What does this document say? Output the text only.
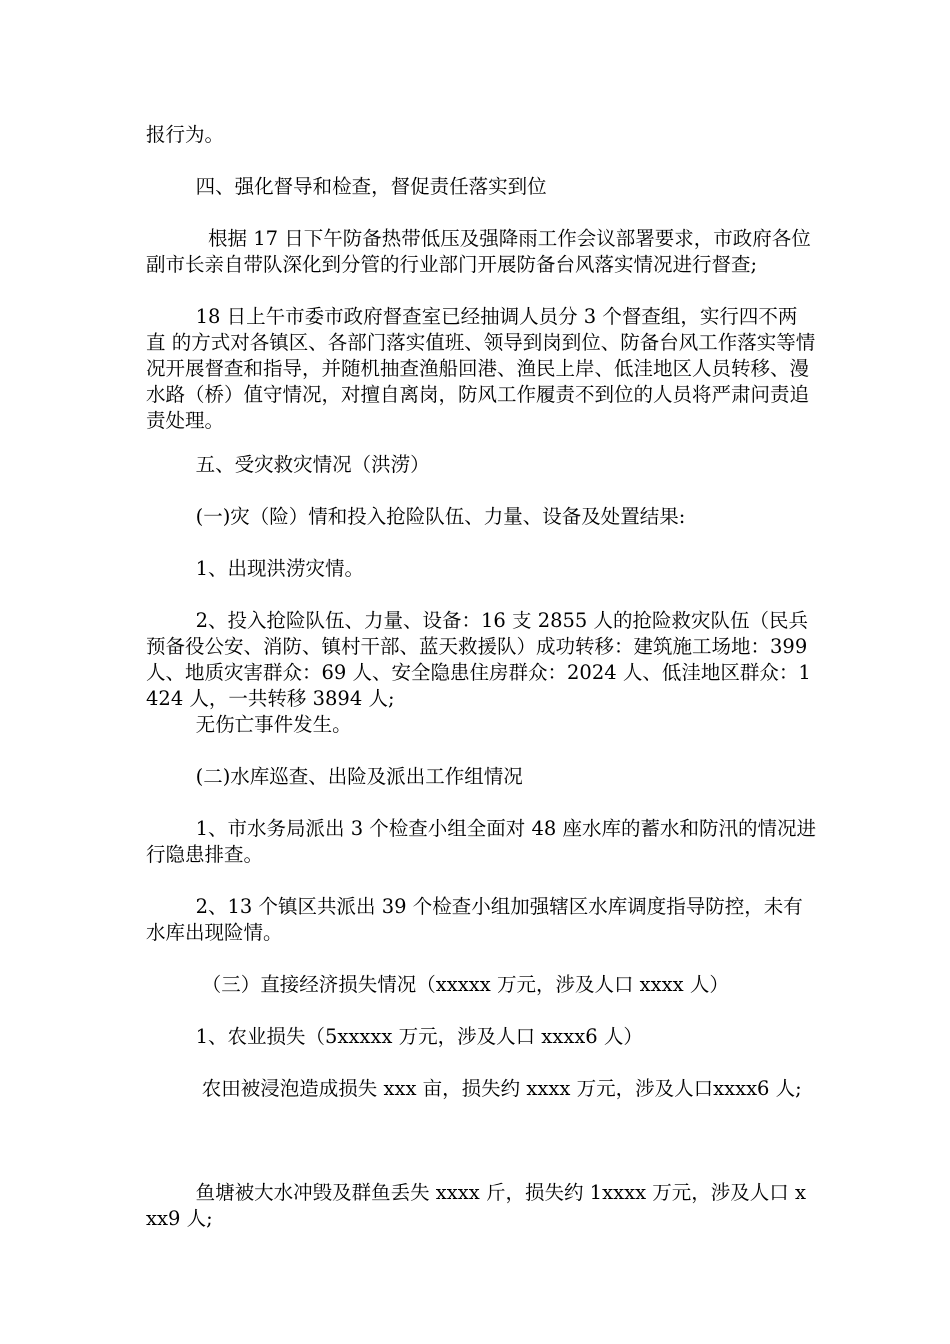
报行为。

四、强化督导和检查，督促责任落实到位

根据 17 日下午防备热带低压及强降雨工作会议部署要求，市政府各位副市长亲自带队深化到分管的行业部门开展防备台风落实情况进行督查;

18 日上午市委市政府督查室已经抽调人员分 3 个督查组，实行四不两直 的方式对各镇区、各部门落实值班、领导到岗到位、防备台风工作落实等情况开展督查和指导，并随机抽查渔船回港、渔民上岸、低洼地区人员转移、漫水路（桥）值守情况，对擅自离岗，防风工作履责不到位的人员将严肃问责追责处理。

五、受灾救灾情况（洪涝）

(一)灾（险）情和投入抢险队伍、力量、设备及处置结果:

1、出现洪涝灾情。

2、投入抢险队伍、力量、设备：16 支 2855 人的抢险救灾队伍（民兵预备役公安、消防、镇村干部、蓝天救援队）成功转移：建筑施工场地：399 人、地质灾害群众：69 人、安全隐患住房群众：2024 人、低洼地区群众：1424 人，一共转移 3894 人;

无伤亡事件发生。

(二)水库巡查、出险及派出工作组情况

1、市水务局派出 3 个检查小组全面对 48 座水库的蓄水和防汛的情况进行隐患排查。

2、13 个镇区共派出 39 个检查小组加强辖区水库调度指导防控，未有水库出现险情。

（三）直接经济损失情况（xxxxx 万元，涉及人口 xxxx 人）

1、农业损失（5xxxxx 万元，涉及人口 xxxx6 人）

农田被浸泡造成损失 xxx 亩，损失约 xxxx 万元，涉及人口xxxx6 人;

鱼塘被大水冲毁及群鱼丢失 xxxx 斤，损失约 1xxxx 万元，涉及人口 xxx9 人;
